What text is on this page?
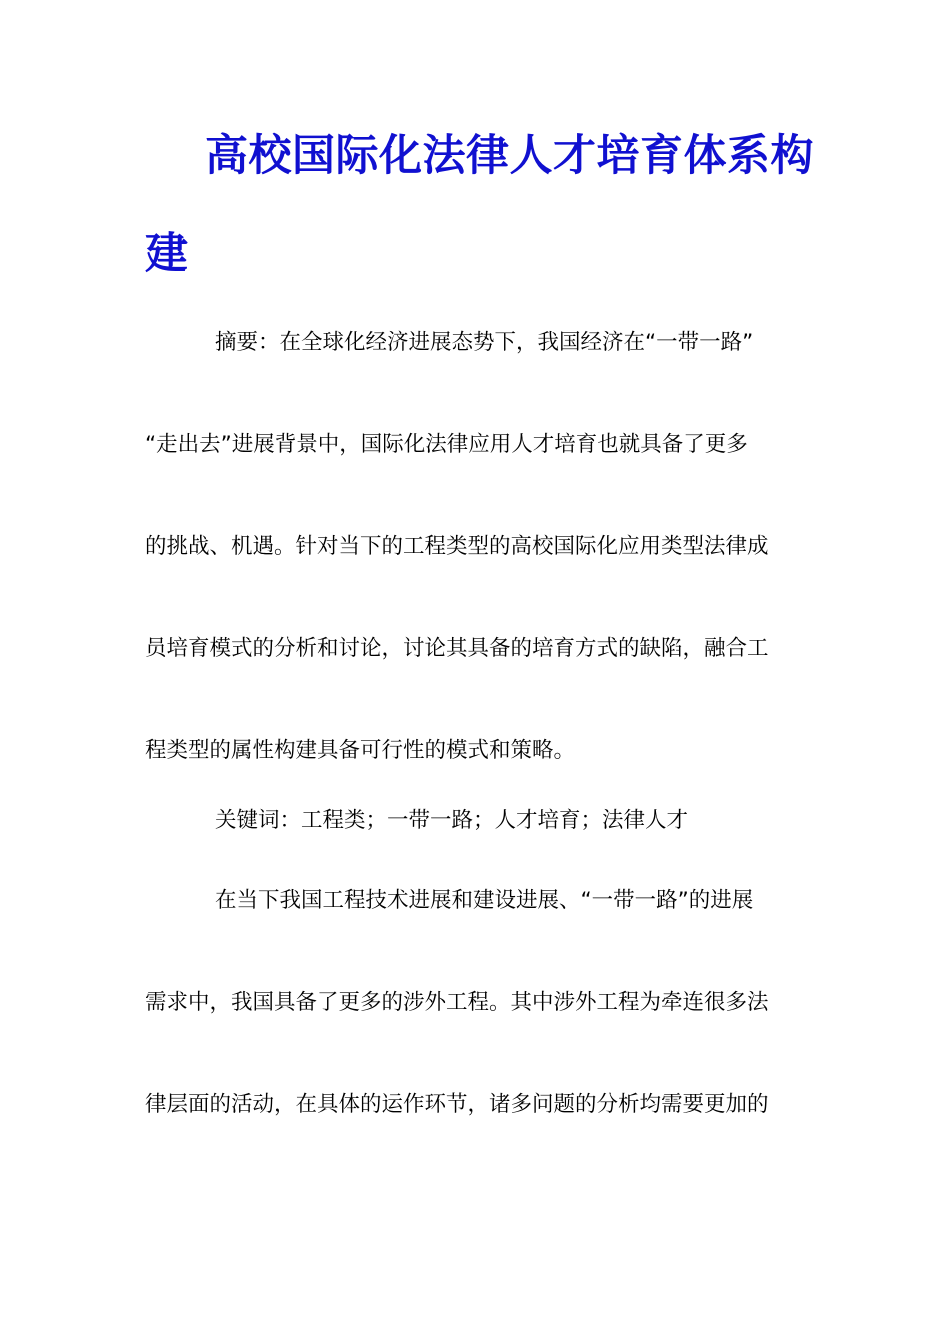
高校国际化法律人才培育体系构
建
摘要：在全球化经济进展态势下，我国经济在“一带一路”
“走出去”进展背景中，国际化法律应用人才培育也就具备了更多
的挑战、机遇。针对当下的工程类型的高校国际化应用类型法律成
员培育模式的分析和讨论，讨论其具备的培育方式的缺陷，融合工
程类型的属性构建具备可行性的模式和策略。
关键词：工程类；一带一路；人才培育；法律人才
在当下我国工程技术进展和建设进展、“一带一路”的进展
需求中，我国具备了更多的涉外工程。其中涉外工程为牵连很多法
律层面的活动，在具体的运作环节，诸多问题的分析均需要更加的
